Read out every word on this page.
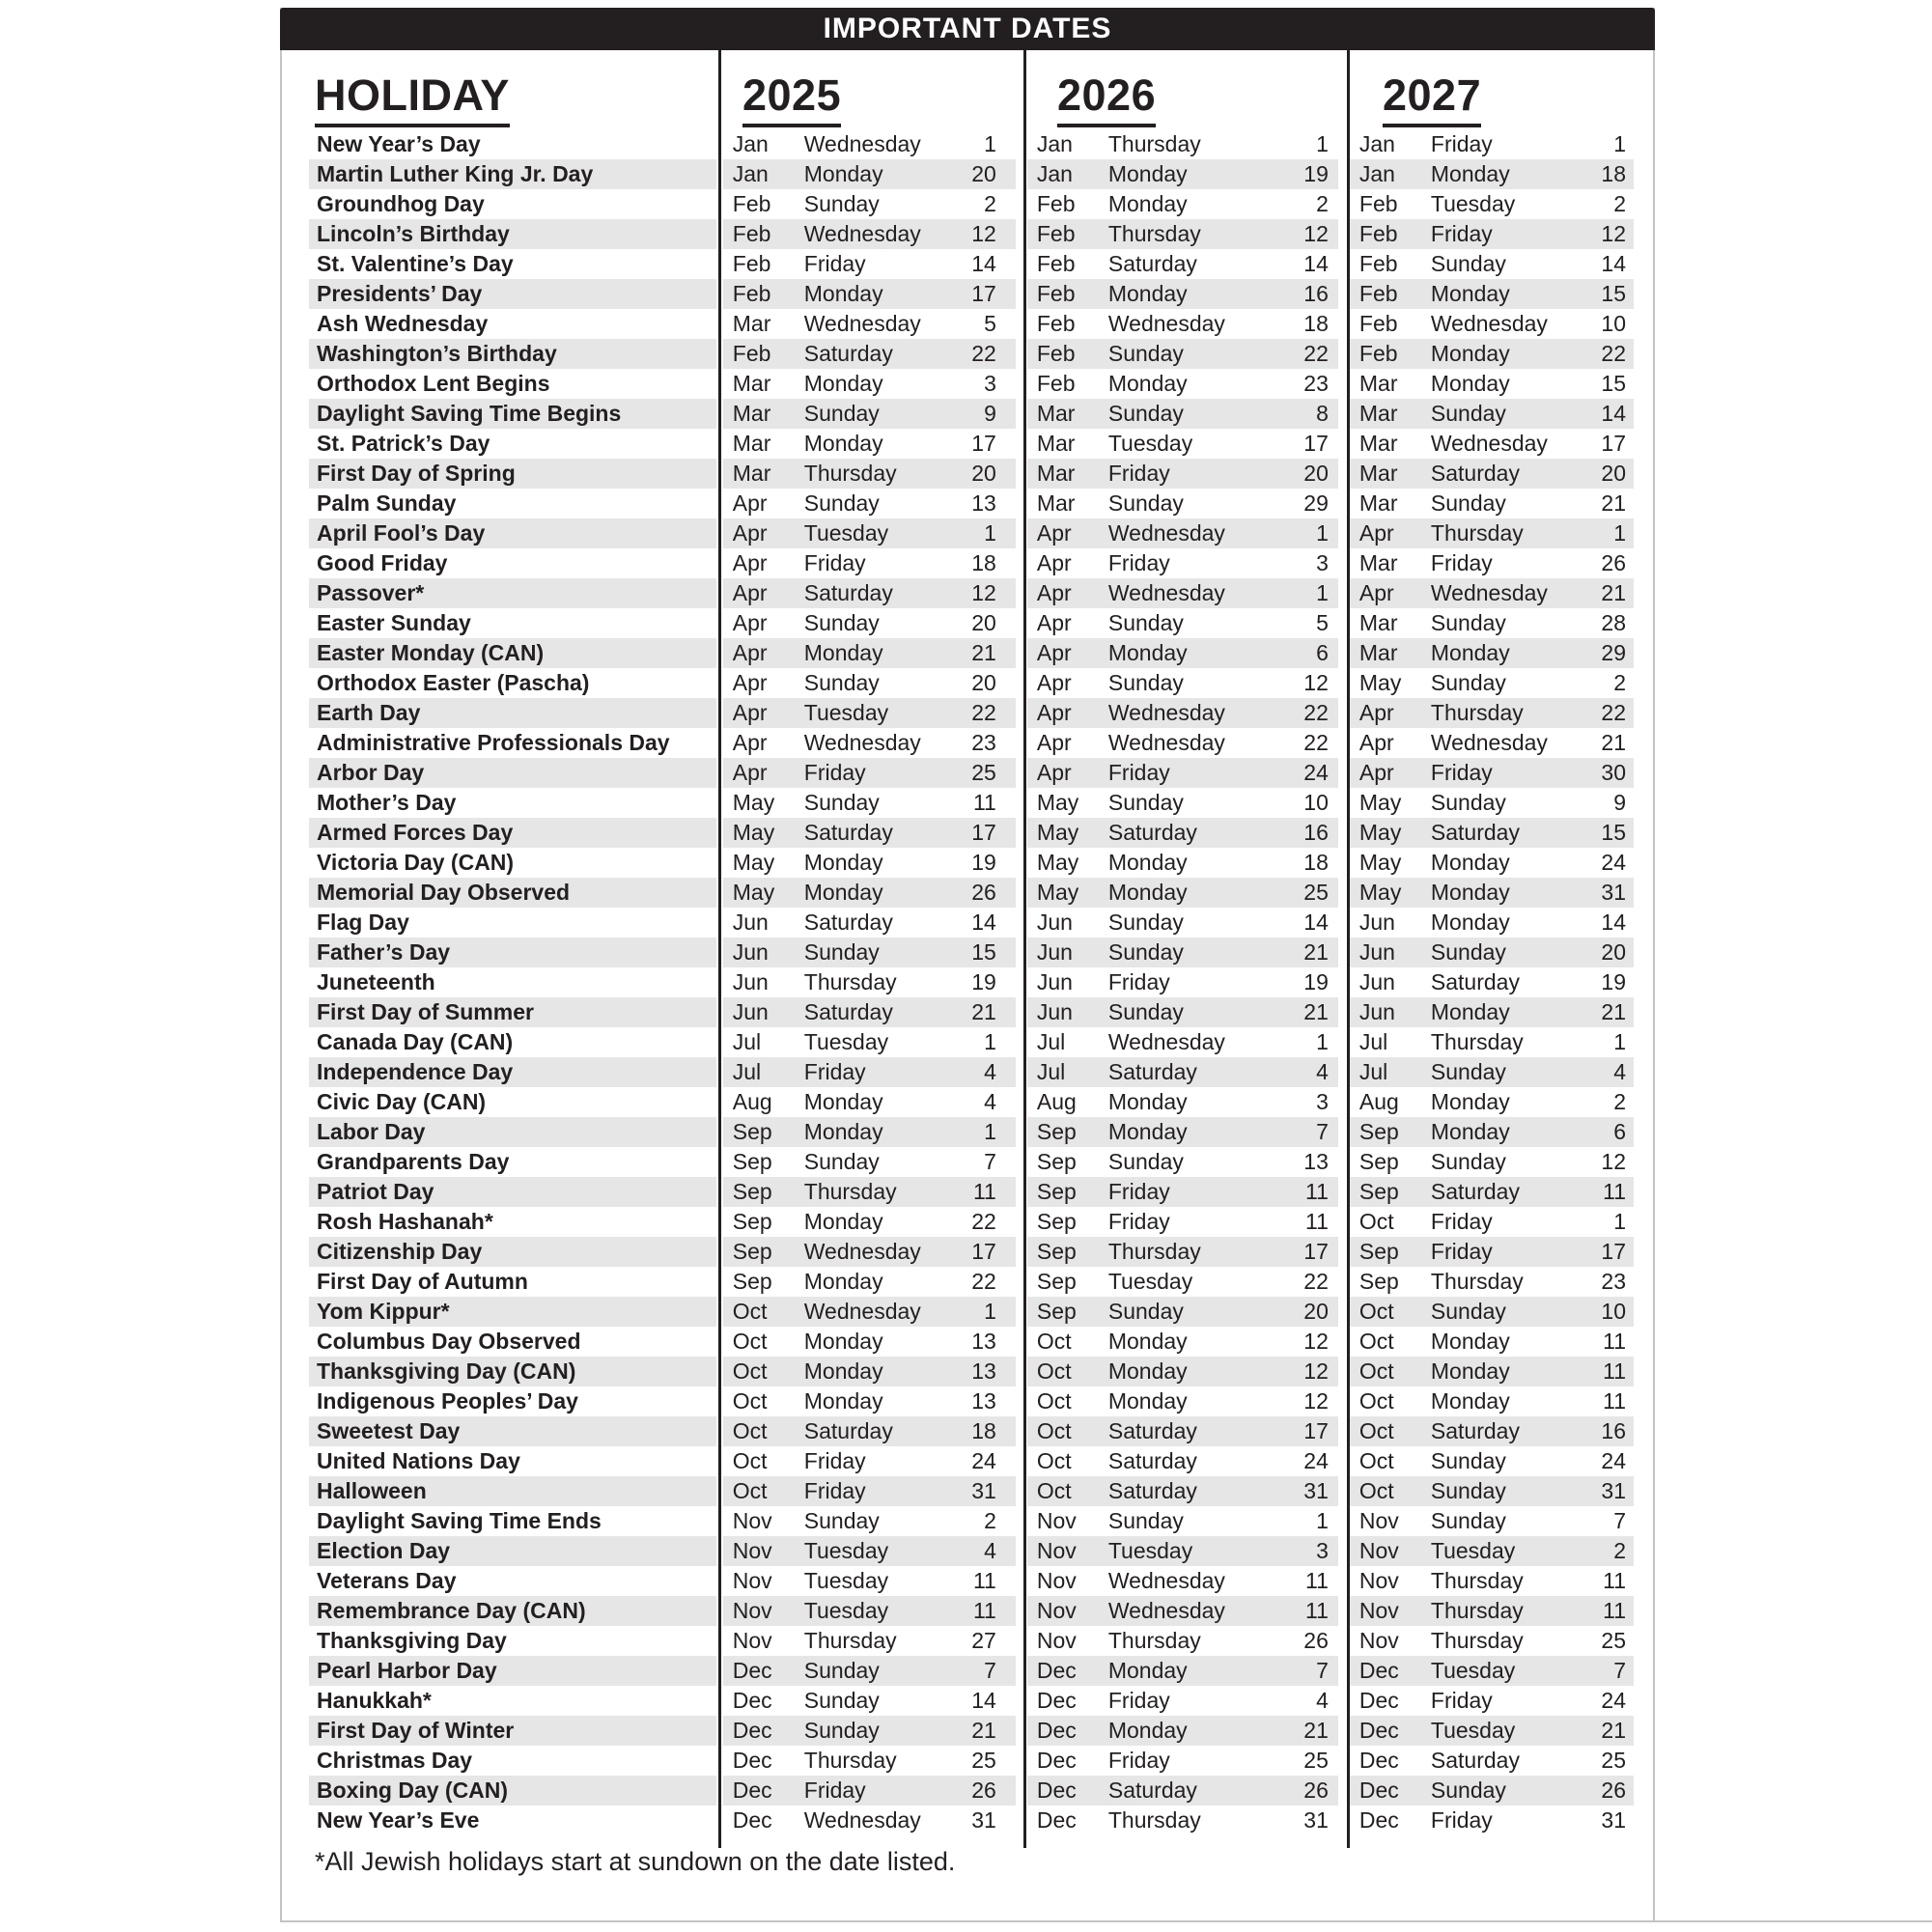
IMPORTANT DATES
HOLIDAY	2025	2026	2027
New Year’s Day	Jan	Wednesday	1	Jan	Thursday	1	Jan	Friday	1
Martin Luther King Jr. Day	Jan	Monday	20	Jan	Monday	19	Jan	Monday	18
Groundhog Day	Feb	Sunday	2	Feb	Monday	2	Feb	Tuesday	2
Lincoln’s Birthday	Feb	Wednesday	12	Feb	Thursday	12	Feb	Friday	12
St. Valentine’s Day	Feb	Friday	14	Feb	Saturday	14	Feb	Sunday	14
Presidents’ Day	Feb	Monday	17	Feb	Monday	16	Feb	Monday	15
Ash Wednesday	Mar	Wednesday	5	Feb	Wednesday	18	Feb	Wednesday	10
Washington’s Birthday	Feb	Saturday	22	Feb	Sunday	22	Feb	Monday	22
Orthodox Lent Begins	Mar	Monday	3	Feb	Monday	23	Mar	Monday	15
Daylight Saving Time Begins	Mar	Sunday	9	Mar	Sunday	8	Mar	Sunday	14
St. Patrick’s Day	Mar	Monday	17	Mar	Tuesday	17	Mar	Wednesday	17
First Day of Spring	Mar	Thursday	20	Mar	Friday	20	Mar	Saturday	20
Palm Sunday	Apr	Sunday	13	Mar	Sunday	29	Mar	Sunday	21
April Fool’s Day	Apr	Tuesday	1	Apr	Wednesday	1	Apr	Thursday	1
Good Friday	Apr	Friday	18	Apr	Friday	3	Mar	Friday	26
Passover*	Apr	Saturday	12	Apr	Wednesday	1	Apr	Wednesday	21
Easter Sunday	Apr	Sunday	20	Apr	Sunday	5	Mar	Sunday	28
Easter Monday (CAN)	Apr	Monday	21	Apr	Monday	6	Mar	Monday	29
Orthodox Easter (Pascha)	Apr	Sunday	20	Apr	Sunday	12	May	Sunday	2
Earth Day	Apr	Tuesday	22	Apr	Wednesday	22	Apr	Thursday	22
Administrative Professionals Day	Apr	Wednesday	23	Apr	Wednesday	22	Apr	Wednesday	21
Arbor Day	Apr	Friday	25	Apr	Friday	24	Apr	Friday	30
Mother’s Day	May	Sunday	11	May	Sunday	10	May	Sunday	9
Armed Forces Day	May	Saturday	17	May	Saturday	16	May	Saturday	15
Victoria Day (CAN)	May	Monday	19	May	Monday	18	May	Monday	24
Memorial Day Observed	May	Monday	26	May	Monday	25	May	Monday	31
Flag Day	Jun	Saturday	14	Jun	Sunday	14	Jun	Monday	14
Father’s Day	Jun	Sunday	15	Jun	Sunday	21	Jun	Sunday	20
Juneteenth	Jun	Thursday	19	Jun	Friday	19	Jun	Saturday	19
First Day of Summer	Jun	Saturday	21	Jun	Sunday	21	Jun	Monday	21
Canada Day (CAN)	Jul	Tuesday	1	Jul	Wednesday	1	Jul	Thursday	1
Independence Day	Jul	Friday	4	Jul	Saturday	4	Jul	Sunday	4
Civic Day (CAN)	Aug	Monday	4	Aug	Monday	3	Aug	Monday	2
Labor Day	Sep	Monday	1	Sep	Monday	7	Sep	Monday	6
Grandparents Day	Sep	Sunday	7	Sep	Sunday	13	Sep	Sunday	12
Patriot Day	Sep	Thursday	11	Sep	Friday	11	Sep	Saturday	11
Rosh Hashanah*	Sep	Monday	22	Sep	Friday	11	Oct	Friday	1
Citizenship Day	Sep	Wednesday	17	Sep	Thursday	17	Sep	Friday	17
First Day of Autumn	Sep	Monday	22	Sep	Tuesday	22	Sep	Thursday	23
Yom Kippur*	Oct	Wednesday	1	Sep	Sunday	20	Oct	Sunday	10
Columbus Day Observed	Oct	Monday	13	Oct	Monday	12	Oct	Monday	11
Thanksgiving Day (CAN)	Oct	Monday	13	Oct	Monday	12	Oct	Monday	11
Indigenous Peoples’ Day	Oct	Monday	13	Oct	Monday	12	Oct	Monday	11
Sweetest Day	Oct	Saturday	18	Oct	Saturday	17	Oct	Saturday	16
United Nations Day	Oct	Friday	24	Oct	Saturday	24	Oct	Sunday	24
Halloween	Oct	Friday	31	Oct	Saturday	31	Oct	Sunday	31
Daylight Saving Time Ends	Nov	Sunday	2	Nov	Sunday	1	Nov	Sunday	7
Election Day	Nov	Tuesday	4	Nov	Tuesday	3	Nov	Tuesday	2
Veterans Day	Nov	Tuesday	11	Nov	Wednesday	11	Nov	Thursday	11
Remembrance Day (CAN)	Nov	Tuesday	11	Nov	Wednesday	11	Nov	Thursday	11
Thanksgiving Day	Nov	Thursday	27	Nov	Thursday	26	Nov	Thursday	25
Pearl Harbor Day	Dec	Sunday	7	Dec	Monday	7	Dec	Tuesday	7
Hanukkah*	Dec	Sunday	14	Dec	Friday	4	Dec	Friday	24
First Day of Winter	Dec	Sunday	21	Dec	Monday	21	Dec	Tuesday	21
Christmas Day	Dec	Thursday	25	Dec	Friday	25	Dec	Saturday	25
Boxing Day (CAN)	Dec	Friday	26	Dec	Saturday	26	Dec	Sunday	26
New Year’s Eve	Dec	Wednesday	31	Dec	Thursday	31	Dec	Friday	31
*All Jewish holidays start at sundown on the date listed.
